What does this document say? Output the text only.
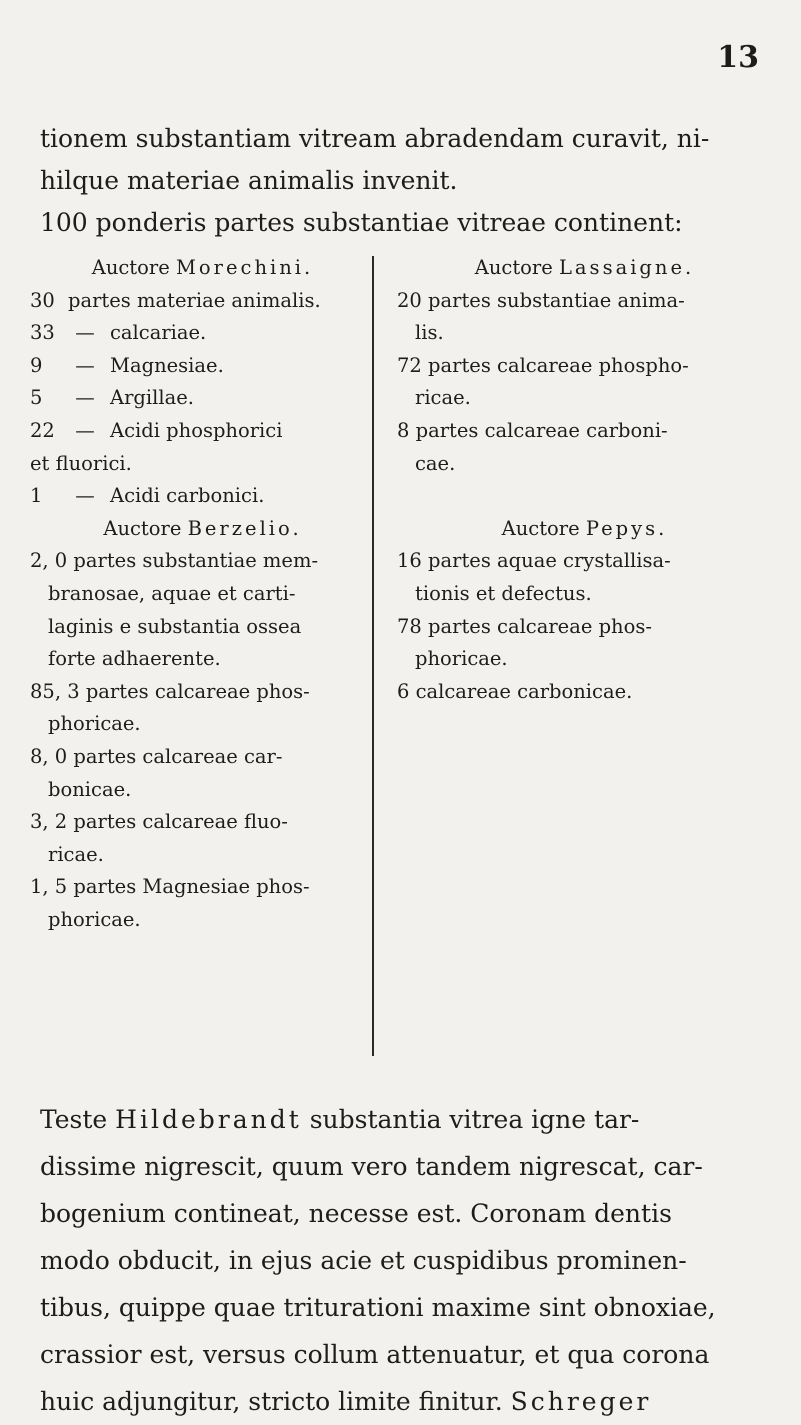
13

tionem substantiam vitream abradendam curavit, ni-

hilque materiae animalis invenit.

100 ponderis partes substantiae vitreae continent:

Auctore Morechini.
30 partes materiae animalis.
33	— calcariae.
9	— Magnesiae.
5	— Argillae.
22	— Acidi phosphorici
et fluorici.
1	— Acidi carbonici.
Auctore Berzelio.
2, 0 partes substantiae mem-
branosae, aquae et carti-
laginis e substantia ossea
forte adhaerente.
85, 3 partes calcareae phos-
phoricae.
8, 0 partes calcareae car-
bonicae.
3, 2 partes calcareae fluo-
ricae.
1, 5 partes Magnesiae phos-
phoricae.
Auctore Lassaigne.
20 partes substantiae anima-
lis.
72 partes calcareae phospho-
ricae.
8 partes calcareae carboni-
cae.
Auctore Pepys.
16 partes aquae crystallisa-
tionis et defectus.
78 partes calcareae phos-
phoricae.
6 calcareae carbonicae.

Teste Hildebrandt substantia vitrea igne tar-

dissime nigrescit, quum vero tandem nigrescat, car-

bogenium contineat, necesse est. Coronam dentis

modo obducit, in ejus acie et cuspidibus prominen-

tibus, quippe quae triturationi maxime sint obnoxiae,

crassior est, versus collum attenuatur, et qua corona

huic adjungitur, stricto limite finitur. Schreger
